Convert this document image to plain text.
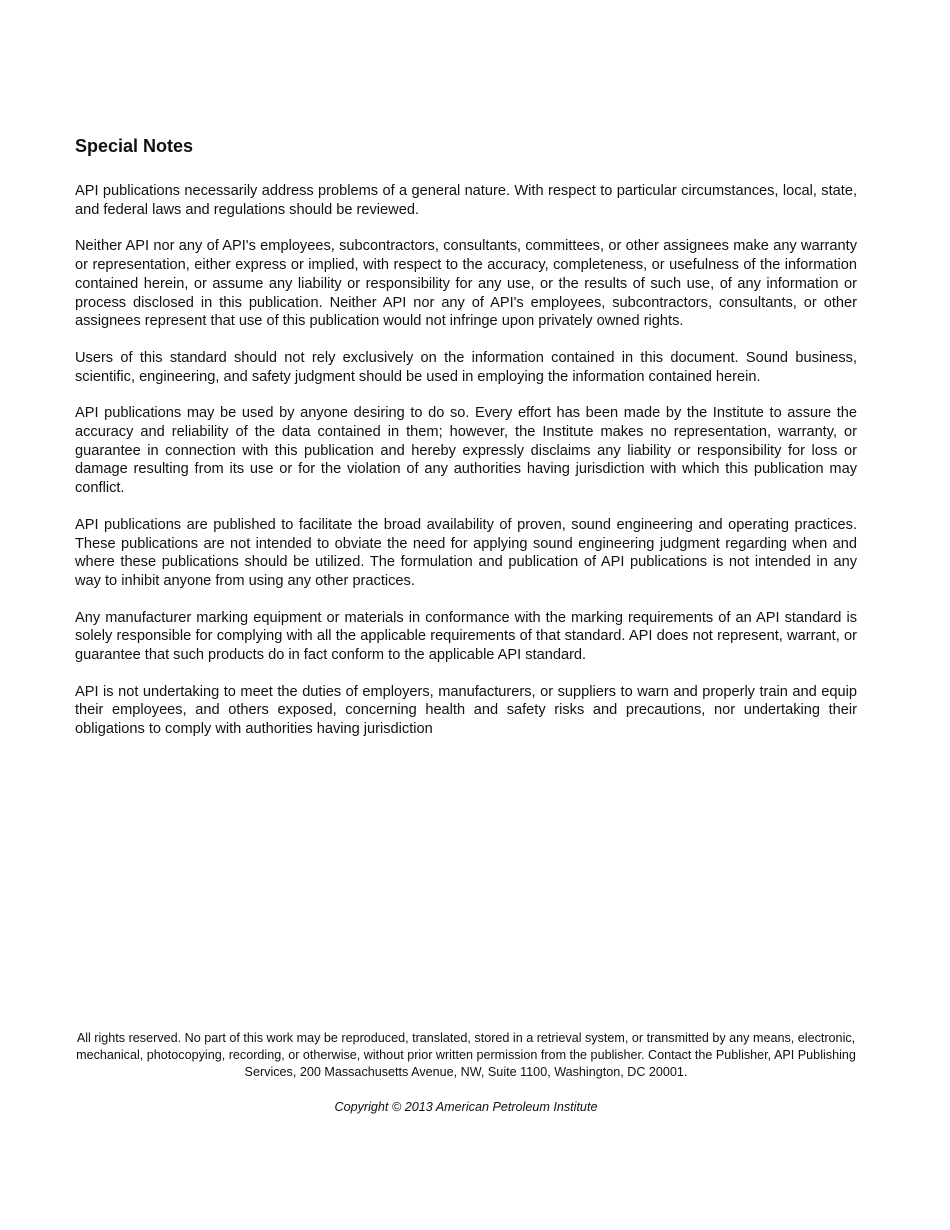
Special Notes

API publications necessarily address problems of a general nature. With respect to particular circumstances, local, state, and federal laws and regulations should be reviewed.

Neither API nor any of API's employees, subcontractors, consultants, committees, or other assignees make any warranty or representation, either express or implied, with respect to the accuracy, completeness, or usefulness of the information contained herein, or assume any liability or responsibility for any use, or the results of such use, of any information or process disclosed in this publication. Neither API nor any of API's employees, subcontractors, consultants, or other assignees represent that use of this publication would not infringe upon privately owned rights.

Users of this standard should not rely exclusively on the information contained in this document. Sound business, scientific, engineering, and safety judgment should be used in employing the information contained herein.

API publications may be used by anyone desiring to do so. Every effort has been made by the Institute to assure the accuracy and reliability of the data contained in them; however, the Institute makes no representation, warranty, or guarantee in connection with this publication and hereby expressly disclaims any liability or responsibility for loss or damage resulting from its use or for the violation of any authorities having jurisdiction with which this publication may conflict.

API publications are published to facilitate the broad availability of proven, sound engineering and operating practices. These publications are not intended to obviate the need for applying sound engineering judgment regarding when and where these publications should be utilized. The formulation and publication of API publications is not intended in any way to inhibit anyone from using any other practices.

Any manufacturer marking equipment or materials in conformance with the marking requirements of an API standard is solely responsible for complying with all the applicable requirements of that standard. API does not represent, warrant, or guarantee that such products do in fact conform to the applicable API standard.

API is not undertaking to meet the duties of employers, manufacturers, or suppliers to warn and properly train and equip their employees, and others exposed, concerning health and safety risks and precautions, nor undertaking their obligations to comply with authorities having jurisdiction

All rights reserved. No part of this work may be reproduced, translated, stored in a retrieval system, or transmitted by any means, electronic, mechanical, photocopying, recording, or otherwise, without prior written permission from the publisher. Contact the Publisher, API Publishing Services, 200 Massachusetts Avenue, NW, Suite 1100, Washington, DC 20001.

Copyright © 2013 American Petroleum Institute
